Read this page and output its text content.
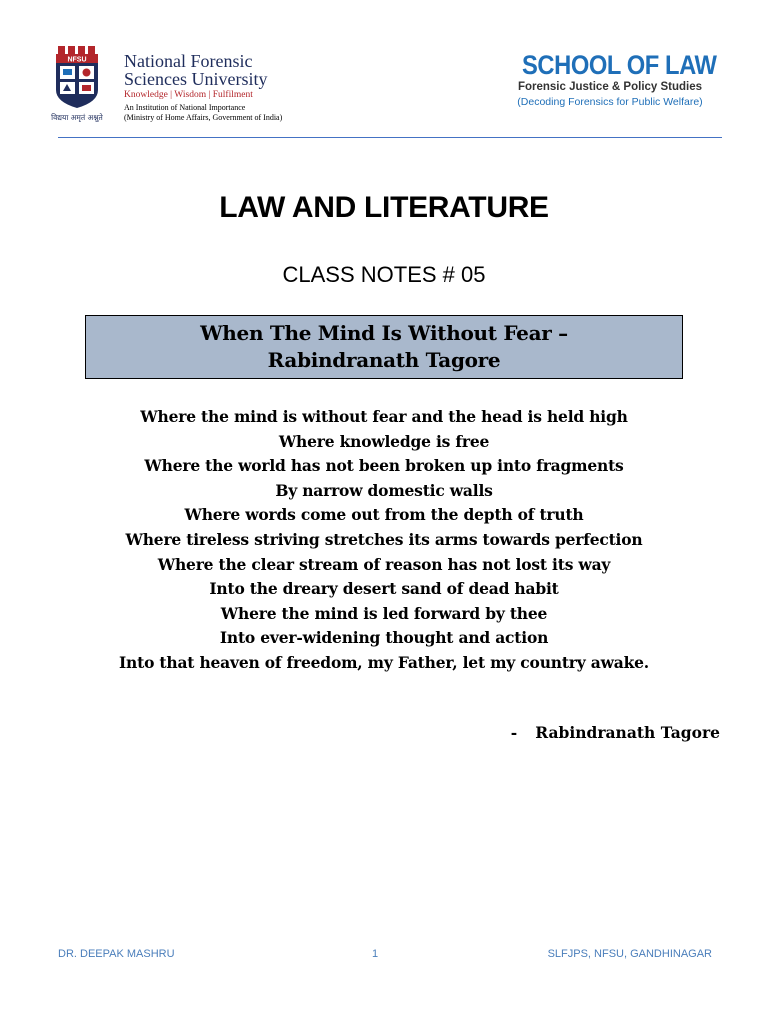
NFSU
विद्यया अमृतं अश्नुते
National Forensic
Sciences University
Knowledge | Wisdom | Fulfilment
An Institution of National Importance
(Ministry of Home Affairs, Government of India)
SCHOOL OF LAW
Forensic Justice & Policy Studies
(Decoding Forensics for Public Welfare)
LAW AND LITERATURE
CLASS NOTES # 05
When The Mind Is Without Fear –
Rabindranath Tagore
Where the mind is without fear and the head is held high
Where knowledge is free
Where the world has not been broken up into fragments
By narrow domestic walls
Where words come out from the depth of truth
Where tireless striving stretches its arms towards perfection
Where the clear stream of reason has not lost its way
Into the dreary desert sand of dead habit
Where the mind is led forward by thee
Into ever-widening thought and action
Into that heaven of freedom, my Father, let my country awake.
- Rabindranath Tagore
DR. DEEPAK MASHRU	1	SLFJPS, NFSU, GANDHINAGAR
